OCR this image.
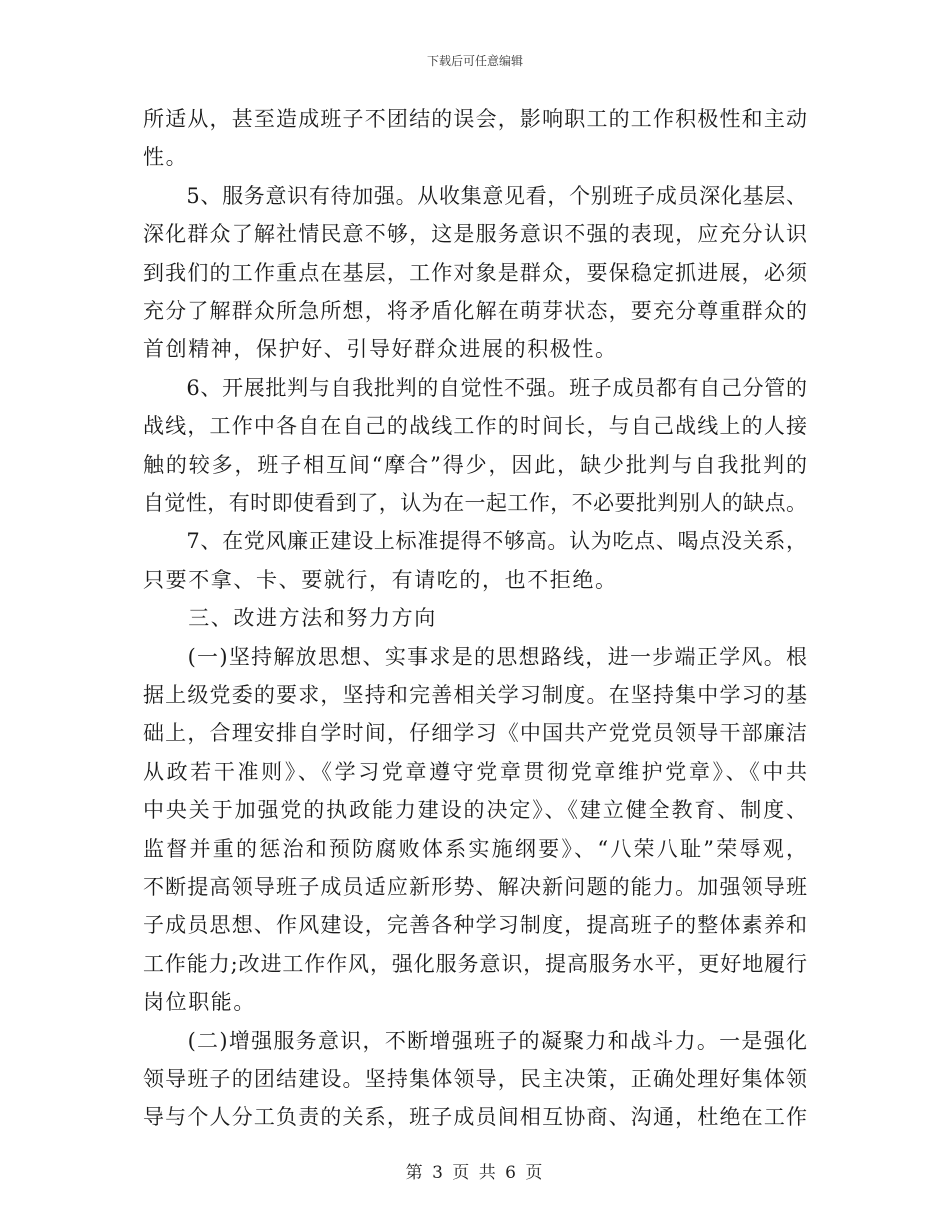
下载后可任意编辑
所适从，甚至造成班子不团结的误会，影响职工的工作积极性和主动
性。
　　5、服务意识有待加强。从收集意见看，个别班子成员深化基层、
深化群众了解社情民意不够，这是服务意识不强的表现，应充分认识
到我们的工作重点在基层，工作对象是群众，要保稳定抓进展，必须
充分了解群众所急所想，将矛盾化解在萌芽状态，要充分尊重群众的
首创精神，保护好、引导好群众进展的积极性。
　　6、开展批判与自我批判的自觉性不强。班子成员都有自己分管的
战线，工作中各自在自己的战线工作的时间长，与自己战线上的人接
触的较多，班子相互间“摩合”得少，因此，缺少批判与自我批判的
自觉性，有时即使看到了，认为在一起工作，不必要批判别人的缺点。
　　7、在党风廉正建设上标准提得不够高。认为吃点、喝点没关系，
只要不拿、卡、要就行，有请吃的，也不拒绝。
　　三、改进方法和努力方向
　　(一)坚持解放思想、实事求是的思想路线，进一步端正学风。根
据上级党委的要求，坚持和完善相关学习制度。在坚持集中学习的基
础上，合理安排自学时间，仔细学习《中国共产党党员领导干部廉洁
从政若干准则》、《学习党章遵守党章贯彻党章维护党章》、《中共
中央关于加强党的执政能力建设的决定》、《建立健全教育、制度、
监督并重的惩治和预防腐败体系实施纲要》、“八荣八耻”荣辱观，
不断提高领导班子成员适应新形势、解决新问题的能力。加强领导班
子成员思想、作风建设，完善各种学习制度，提高班子的整体素养和
工作能力;改进工作作风，强化服务意识，提高服务水平，更好地履行
岗位职能。
　　(二)增强服务意识，不断增强班子的凝聚力和战斗力。一是强化
领导班子的团结建设。坚持集体领导，民主决策，正确处理好集体领
导与个人分工负责的关系，班子成员间相互协商、沟通，杜绝在工作
第 3 页 共 6 页
